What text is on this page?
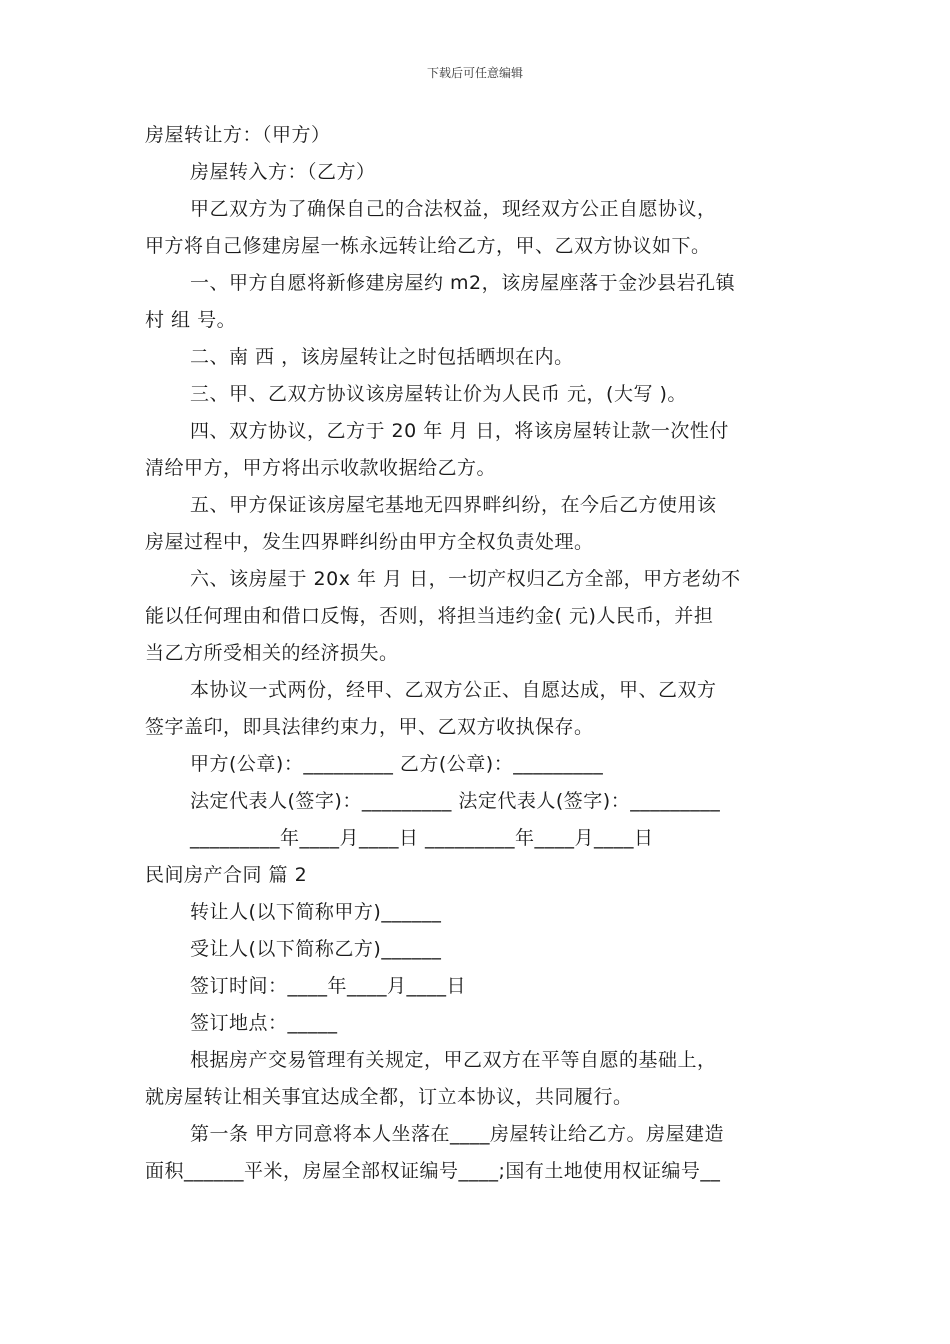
下载后可任意编辑

房屋转让方：（甲方）

房屋转入方：（乙方）

甲乙双方为了确保自己的合法权益，现经双方公正自愿协议，

甲方将自己修建房屋一栋永远转让给乙方，甲、乙双方协议如下。

一、甲方自愿将新修建房屋约 m2，该房屋座落于金沙县岩孔镇

村 组 号。

二、南 西 ，该房屋转让之时包括晒坝在内。

三、甲、乙双方协议该房屋转让价为人民币 元，(大写 )。

四、双方协议，乙方于 20 年 月 日，将该房屋转让款一次性付

清给甲方，甲方将出示收款收据给乙方。

五、甲方保证该房屋宅基地无四界畔纠纷，在今后乙方使用该

房屋过程中，发生四界畔纠纷由甲方全权负责处理。

六、该房屋于 20x 年 月 日，一切产权归乙方全部，甲方老幼不

能以任何理由和借口反悔，否则，将担当违约金( 元)人民币，并担

当乙方所受相关的经济损失。

本协议一式两份，经甲、乙双方公正、自愿达成，甲、乙双方

签字盖印，即具法律约束力，甲、乙双方收执保存。

甲方(公章)：_________ 乙方(公章)：_________

法定代表人(签字)：_________ 法定代表人(签字)：_________

_________年____月____日 _________年____月____日

民间房产合同 篇 2

转让人(以下简称甲方)______

受让人(以下简称乙方)______

签订时间：____年____月____日

签订地点：_____

根据房产交易管理有关规定，甲乙双方在平等自愿的基础上，

就房屋转让相关事宜达成全都，订立本协议，共同履行。

第一条 甲方同意将本人坐落在____房屋转让给乙方。房屋建造

面积______平米，房屋全部权证编号____;国有土地使用权证编号__
